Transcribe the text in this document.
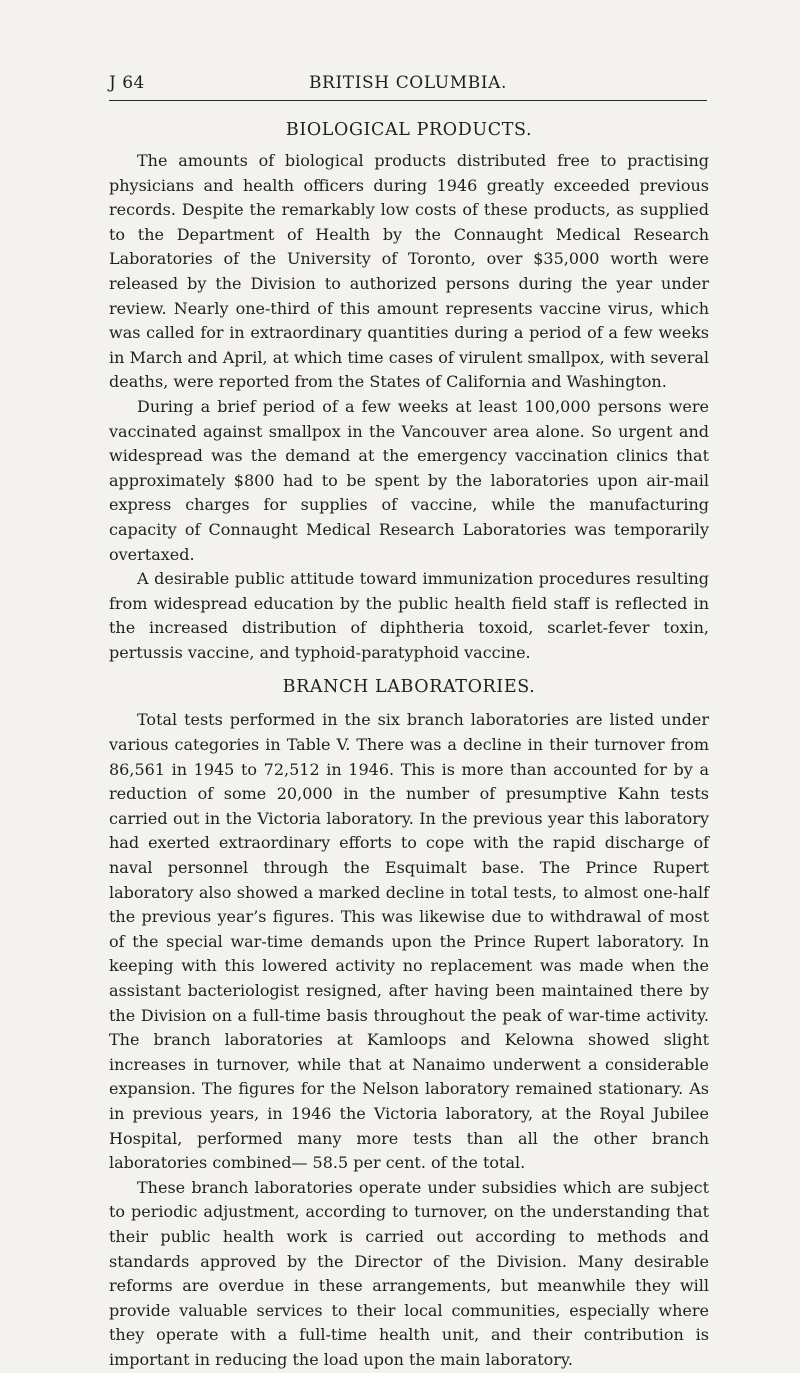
J 64	BRITISH COLUMBIA.
BIOLOGICAL PRODUCTS.

The amounts of biological products distributed free to practising physicians and health officers during 1946 greatly exceeded previous records. Despite the remarkably low costs of these products, as supplied to the Department of Health by the Connaught Medical Research Laboratories of the University of Toronto, over $35,000 worth were released by the Division to authorized persons during the year under review. Nearly one-third of this amount represents vaccine virus, which was called for in extraordinary quantities during a period of a few weeks in March and April, at which time cases of virulent smallpox, with several deaths, were reported from the States of California and Washington.

During a brief period of a few weeks at least 100,000 persons were vaccinated against smallpox in the Vancouver area alone. So urgent and widespread was the demand at the emergency vaccination clinics that approximately $800 had to be spent by the laboratories upon air-mail express charges for supplies of vaccine, while the manufacturing capacity of Connaught Medical Research Laboratories was temporarily overtaxed.

A desirable public attitude toward immunization procedures resulting from widespread education by the public health field staff is reflected in the increased distribution of diphtheria toxoid, scarlet-fever toxin, pertussis vaccine, and typhoid-paratyphoid vaccine.

BRANCH LABORATORIES.

Total tests performed in the six branch laboratories are listed under various categories in Table V. There was a decline in their turnover from 86,561 in 1945 to 72,512 in 1946. This is more than accounted for by a reduction of some 20,000 in the number of presumptive Kahn tests carried out in the Victoria laboratory. In the previous year this laboratory had exerted extraordinary efforts to cope with the rapid discharge of naval personnel through the Esquimalt base. The Prince Rupert laboratory also showed a marked decline in total tests, to almost one-half the previous year’s figures. This was likewise due to withdrawal of most of the special war-time demands upon the Prince Rupert laboratory. In keeping with this lowered activity no replacement was made when the assistant bacteriologist resigned, after having been maintained there by the Division on a full-time basis throughout the peak of war-time activity. The branch laboratories at Kamloops and Kelowna showed slight increases in turnover, while that at Nanaimo underwent a considerable expansion. The figures for the Nelson laboratory remained stationary. As in previous years, in 1946 the Victoria laboratory, at the Royal Jubilee Hospital, performed many more tests than all the other branch laboratories combined— 58.5 per cent. of the total.

These branch laboratories operate under subsidies which are subject to periodic adjustment, according to turnover, on the understanding that their public health work is carried out according to methods and standards approved by the Director of the Division. Many desirable reforms are overdue in these arrangements, but meanwhile they will provide valuable services to their local communities, especially where they operate with a full-time health unit, and their contribution is important in reducing the load upon the main laboratory.
